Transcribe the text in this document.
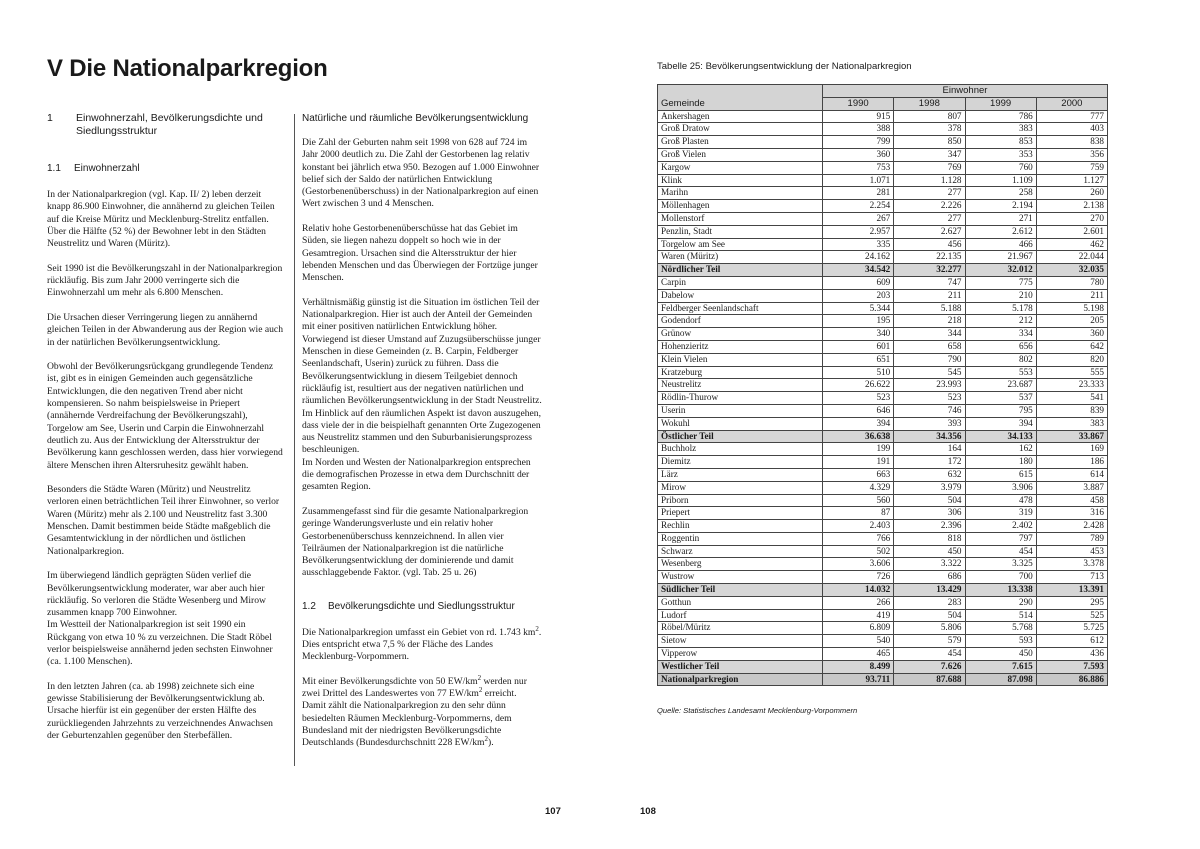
V Die Nationalparkregion
1	Einwohnerzahl, Bevölkerungsdichte und Siedlungsstruktur
1.1	Einwohnerzahl

In der Nationalparkregion (vgl. Kap. II/ 2) leben derzeit knapp 86.900 Einwohner, die annähernd zu gleichen Teilen auf die Kreise Müritz und Mecklenburg-Strelitz entfallen. Über die Hälfte (52 %) der Bewohner lebt in den Städten Neustrelitz und Waren (Müritz).

Seit 1990 ist die Bevölkerungszahl in der Nationalparkregion rückläufig. Bis zum Jahr 2000 verringerte sich die Einwohnerzahl um mehr als 6.800 Menschen.

Die Ursachen dieser Verringerung liegen zu annähernd gleichen Teilen in der Abwanderung aus der Region wie auch in der natürlichen Bevölkerungsentwicklung.

Obwohl der Bevölkerungsrückgang grundlegende Tendenz ist, gibt es in einigen Gemeinden auch gegensätzliche Entwicklungen, die den negativen Trend aber nicht kompensieren. So nahm beispielsweise in Priepert (annähernde Verdreifachung der Bevölkerungszahl), Torgelow am See, Userin und Carpin die Einwohnerzahl deutlich zu. Aus der Entwicklung der Altersstruktur der Bevölkerung kann geschlossen werden, dass hier vorwiegend ältere Menschen ihren Altersruhesitz gewählt haben.

Besonders die Städte Waren (Müritz) und Neustrelitz verloren einen beträchtlichen Teil ihrer Einwohner, so verlor Waren (Müritz) mehr als 2.100 und Neustrelitz fast 3.300 Menschen. Damit bestimmen beide Städte maßgeblich die Gesamtentwicklung in der nördlichen und östlichen Nationalparkregion.

Im überwiegend ländlich geprägten Süden verlief die Bevölkerungsentwicklung moderater, war aber auch hier rückläufig. So verloren die Städte Wesenberg und Mirow zusammen knapp 700 Einwohner.
Im Westteil der Nationalparkregion ist seit 1990 ein Rückgang von etwa 10 % zu verzeichnen. Die Stadt Röbel verlor beispielsweise annähernd jeden sechsten Einwohner (ca. 1.100 Menschen).

In den letzten Jahren (ca. ab 1998) zeichnete sich eine gewisse Stabilisierung der Bevölkerungsentwicklung ab. Ursache hierfür ist ein gegenüber der ersten Hälfte des zurückliegenden Jahrzehnts zu verzeichnendes Anwachsen der Geburtenzahlen gegenüber den Sterbefällen.

Natürliche und räumliche Bevölkerungsentwicklung

Die Zahl der Geburten nahm seit 1998 von 628 auf 724 im Jahr 2000 deutlich zu. Die Zahl der Gestorbenen lag relativ konstant bei jährlich etwa 950. Bezogen auf 1.000 Einwohner belief sich der Saldo der natürlichen Entwicklung (Gestorbenenüberschuss) in der Nationalparkregion auf einen Wert zwischen 3 und 4 Menschen.

Relativ hohe Gestorbenenüberschüsse hat das Gebiet im Süden, sie liegen nahezu doppelt so hoch wie in der Gesamtregion. Ursachen sind die Altersstruktur der hier lebenden Menschen und das Überwiegen der Fortzüge junger Menschen.

Verhältnismäßig günstig ist die Situation im östlichen Teil der Nationalparkregion. Hier ist auch der Anteil der Gemeinden mit einer positiven natürlichen Entwicklung höher. Vorwiegend ist dieser Umstand auf Zuzugsüberschüsse junger Menschen in diese Gemeinden (z. B. Carpin, Feldberger Seenlandschaft, Userin) zurück zu führen. Dass die Bevölkerungsentwicklung in diesem Teilgebiet dennoch rückläufig ist, resultiert aus der negativen natürlichen und räumlichen Bevölkerungsentwicklung in der Stadt Neustrelitz. Im Hinblick auf den räumlichen Aspekt ist davon auszugehen, dass viele der in die beispielhaft genannten Orte Zugezogenen aus Neustrelitz stammen und den Suburbanisierungsprozess beschleunigen.
Im Norden und Westen der Nationalparkregion entsprechen die demografischen Prozesse in etwa dem Durchschnitt der gesamten Region.

Zusammengefasst sind für die gesamte Nationalparkregion geringe Wanderungsverluste und ein relativ hoher Gestorbenenüberschuss kennzeichnend. In allen vier Teilräumen der Nationalparkregion ist die natürliche Bevölkerungsentwicklung der dominierende und damit ausschlaggebende Faktor. (vgl. Tab. 25 u. 26)

1.2	Bevölkerungsdichte und Siedlungsstruktur

Die Nationalparkregion umfasst ein Gebiet von rd. 1.743 $km^2$. Dies entspricht etwa 7,5 % der Fläche des Landes Mecklenburg-Vorpommern.

Mit einer Bevölkerungsdichte von 50 $EW/km^2$ werden nur zwei Drittel des Landeswertes von 77 $EW/km^2$ erreicht. Damit zählt die Nationalparkregion zu den sehr dünn besiedelten Räumen Mecklenburg-Vorpommerns, dem Bundesland mit der niedrigsten Bevölkerungsdichte Deutschlands (Bundesdurchschnitt 228 $EW/km^2$).

Tabelle 25: Bevölkerungsentwicklung der Nationalparkregion

	Einwohner			
Gemeinde	1990	1998	1999	2000
Ankershagen	915	807	786	777
Groß Dratow	388	378	383	403
Groß Plasten	799	850	853	838
Groß Vielen	360	347	353	356
Kargow	753	769	760	759
Klink	1.071	1.128	1.109	1.127
Marihn	281	277	258	260
Möllenhagen	2.254	2.226	2.194	2.138
Mollenstorf	267	277	271	270
Penzlin, Stadt	2.957	2.627	2.612	2.601
Torgelow am See	335	456	466	462
Waren (Müritz)	24.162	22.135	21.967	22.044
Nördlicher Teil	34.542	32.277	32.012	32.035
Carpin	609	747	775	780
Dabelow	203	211	210	211
Feldberger Seenlandschaft	5.344	5.188	5.178	5.198
Godendorf	195	218	212	205
Grünow	340	344	334	360
Hohenzieritz	601	658	656	642
Klein Vielen	651	790	802	820
Kratzeburg	510	545	553	555
Neustrelitz	26.622	23.993	23.687	23.333
Rödlin-Thurow	523	523	537	541
Userin	646	746	795	839
Wokuhl	394	393	394	383
Östlicher Teil	36.638	34.356	34.133	33.867
Buchholz	199	164	162	169
Diemitz	191	172	180	186
Lärz	663	632	615	614
Mirow	4.329	3.979	3.906	3.887
Priborn	560	504	478	458
Priepert	87	306	319	316
Rechlin	2.403	2.396	2.402	2.428
Roggentin	766	818	797	789
Schwarz	502	450	454	453
Wesenberg	3.606	3.322	3.325	3.378
Wustrow	726	686	700	713
Südlicher Teil	14.032	13.429	13.338	13.391
Gotthun	266	283	290	295
Ludorf	419	504	514	525
Röbel/Müritz	6.809	5.806	5.768	5.725
Sietow	540	579	593	612
Vipperow	465	454	450	436
Westlicher Teil	8.499	7.626	7.615	7.593
Nationalparkregion	93.711	87.688	87.098	86.886

Quelle: Statistisches Landesamt Mecklenburg-Vorpommern

107	108
